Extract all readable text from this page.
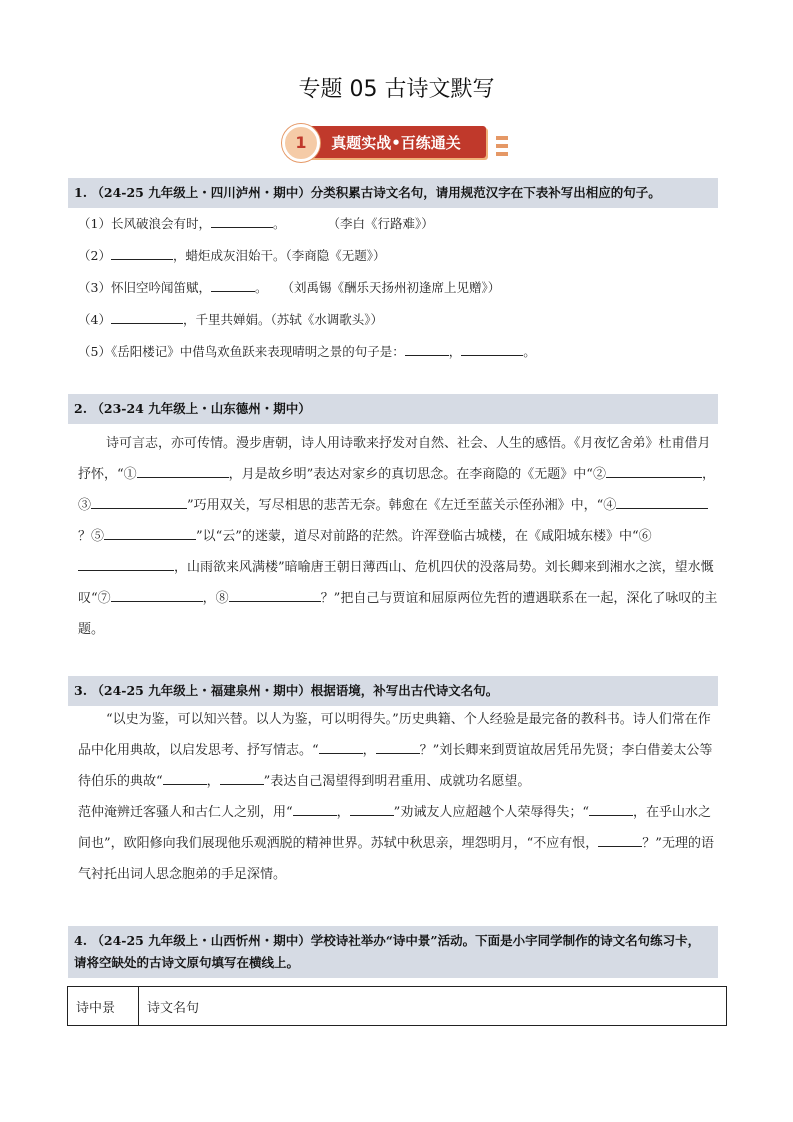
专题 05 古诗文默写
真题实战•百练通关
1
1. （24-25 九年级上・四川泸州・期中）分类积累古诗文名句，请用规范汉字在下表补写出相应的句子。
（1）长风破浪会有时，	。	（李白《行路难》）
（2）	，蜡炬成灰泪始干。（李商隐《无题》）
（3）怀旧空吟闻笛赋，	。 （刘禹锡《酬乐天扬州初逢席上见赠》）
（4）	，千里共婵娟。（苏轼《水调歌头》）
（5）《岳阳楼记》中借鸟欢鱼跃来表现晴明之景的句子是：	，	。
2. （23-24 九年级上・山东德州・期中）
诗可言志，亦可传情。漫步唐朝，诗人用诗歌来抒发对自然、社会、人生的感悟。《月夜忆舍弟》杜甫借月抒怀，“①	，月是故乡明”表达对家乡的真切思念。在李商隐的《无题》中“②	，③	”巧用双关，写尽相思的悲苦无奈。韩愈在《左迁至蓝关示侄孙湘》中，“④？⑤	”以“云”的迷蒙，道尽对前路的茫然。许浑登临古城楼，在《咸阳城东楼》中“⑥，山雨欲来风满楼”暗喻唐王朝日薄西山、危机四伏的没落局势。刘长卿来到湘水之滨，望水慨叹“⑦	，⑧	？”把自己与贾谊和屈原两位先哲的遭遇联系在一起，深化了咏叹的主题。
3. （24-25 九年级上・福建泉州・期中）根据语境，补写出古代诗文名句。
“以史为鉴，可以知兴替。以人为鉴，可以明得失。”历史典籍、个人经验是最完备的教科书。诗人们常在作品中化用典故，以启发思考、抒写情志。“	，	？”刘长卿来到贾谊故居凭吊先贤；李白借姜太公等待伯乐的典故“	，	”表达自己渴望得到明君重用、成就功名愿望。
范仲淹辨迁客骚人和古仁人之别，用“	，	”劝诫友人应超越个人荣辱得失；“	，在乎山水之间也”，欧阳修向我们展现他乐观洒脱的精神世界。苏轼中秋思亲，埋怨明月，“不应有恨，	？”无理的语气衬托出词人思念胞弟的手足深情。
4. （24-25 九年级上・山西忻州・期中）学校诗社举办“诗中景”活动。下面是小宇同学制作的诗文名句练习卡，请将空缺处的古诗文原句填写在横线上。
诗中景	诗文名句
